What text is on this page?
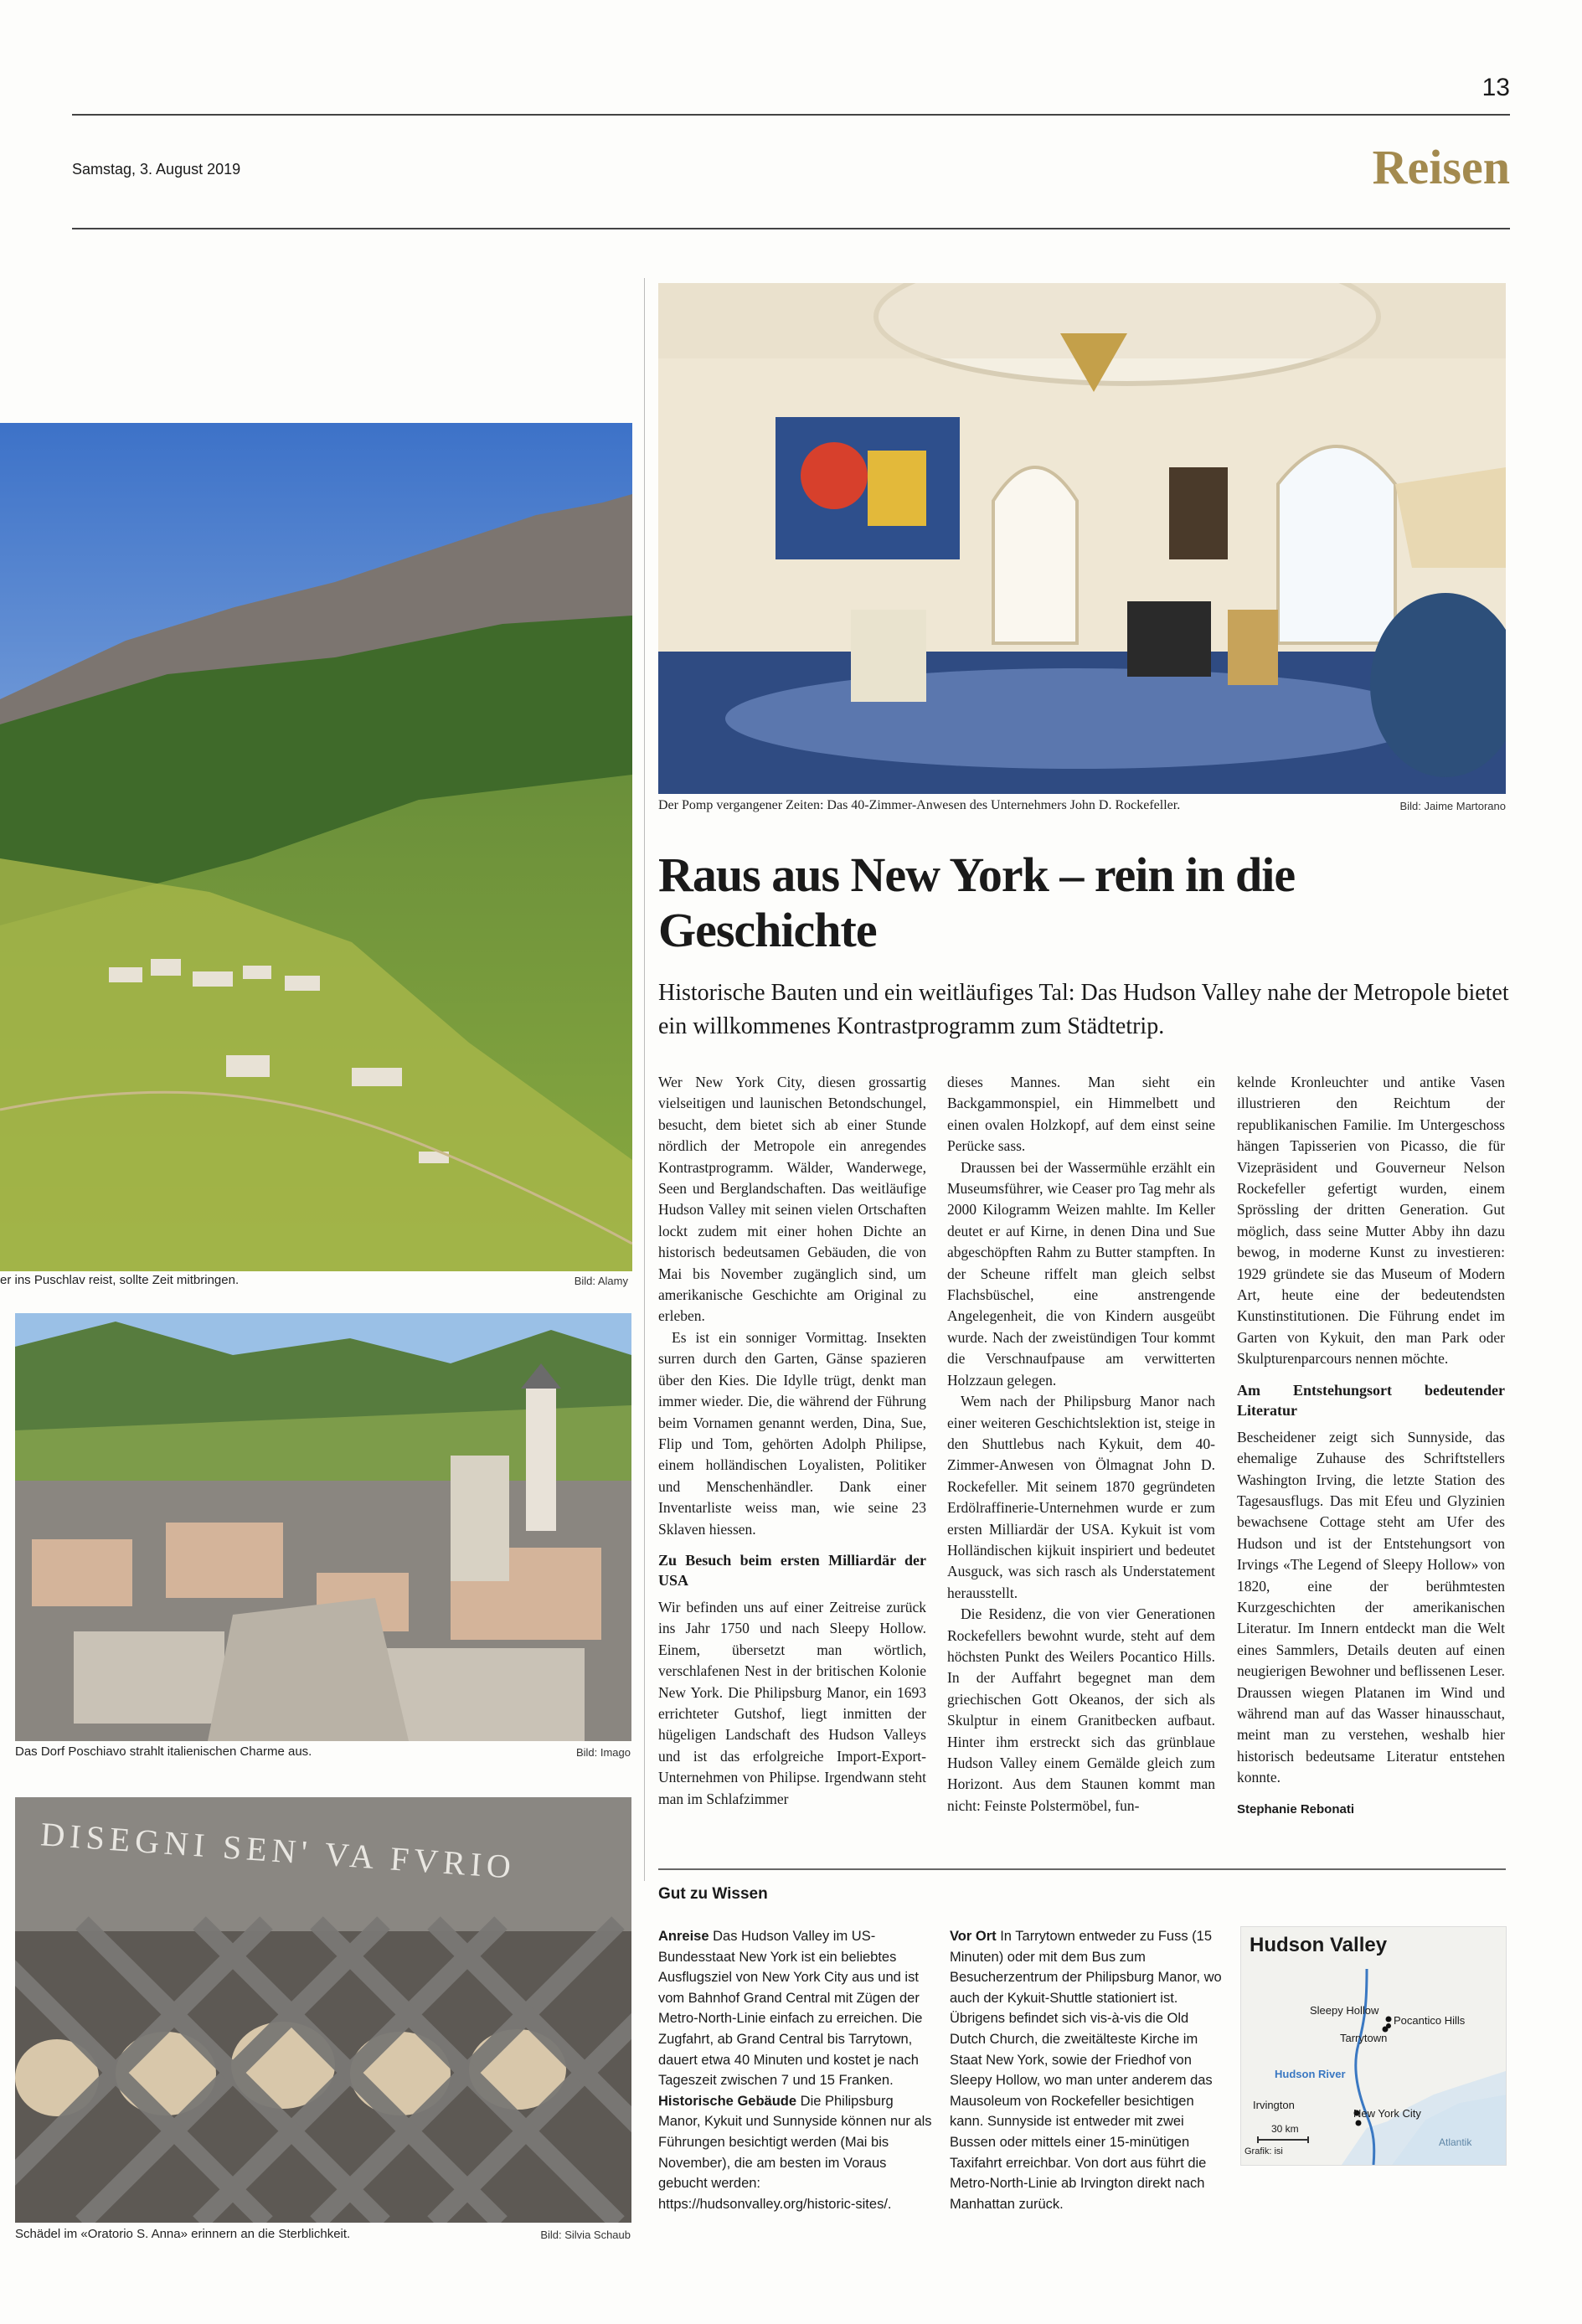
13
Samstag, 3. August 2019	Reisen
er ins Puschlav reist, sollte Zeit mitbringen.	Bild: Alamy
Das Dorf Poschiavo strahlt italienischen Charme aus.	Bild: Imago
DISEGNI SEN' VA FVRIO
Schädel im «Oratorio S. Anna» erinnern an die Sterblichkeit.	Bild: Silvia Schaub
Der Pomp vergangener Zeiten: Das 40-Zimmer-Anwesen des Unternehmers John D. Rockefeller.	Bild: Jaime Martorano
Raus aus New York – rein in die Geschichte
Historische Bauten und ein weitläufiges Tal: Das Hudson Valley nahe der Metropole bietet ein willkommenes Kontrastprogramm zum Städtetrip.

Wer New York City, diesen grossartig vielseitigen und launischen Betondschungel, besucht, dem bietet sich ab einer Stunde nördlich der Metropole ein anregendes Kontrastprogramm. Wälder, Wanderwege, Seen und Berglandschaften. Das weitläufige Hudson Valley mit seinen vielen Ortschaften lockt zudem mit einer hohen Dichte an historisch bedeutsamen Gebäuden, die von Mai bis November zugänglich sind, um amerikanische Geschichte am Original zu erleben.

Es ist ein sonniger Vormittag. Insekten surren durch den Garten, Gänse spazieren über den Kies. Die Idylle trügt, denkt man immer wieder. Die, die während der Führung beim Vornamen genannt werden, Dina, Sue, Flip und Tom, gehörten Adolph Philipse, einem holländischen Loyalisten, Politiker und Menschenhändler. Dank einer Inventarliste weiss man, wie seine 23 Sklaven hiessen.

Zu Besuch beim ersten Milliardär der USA

Wir befinden uns auf einer Zeitreise zurück ins Jahr 1750 und nach Sleepy Hollow. Einem, übersetzt man wörtlich, verschlafenen Nest in der britischen Kolonie New York. Die Philipsburg Manor, ein 1693 errichteter Gutshof, liegt inmitten der hügeligen Landschaft des Hudson Valleys und ist das erfolgreiche Import-Export-Unternehmen von Philipse. Irgendwann steht man im Schlafzimmer

dieses Mannes. Man sieht ein Backgammonspiel, ein Himmelbett und einen ovalen Holzkopf, auf dem einst seine Perücke sass.

Draussen bei der Wassermühle erzählt ein Museumsführer, wie Ceaser pro Tag mehr als 2000 Kilogramm Weizen mahlte. Im Keller deutet er auf Kirne, in denen Dina und Sue abgeschöpften Rahm zu Butter stampften. In der Scheune riffelt man gleich selbst Flachsbüschel, eine anstrengende Angelegenheit, die von Kindern ausgeübt wurde. Nach der zweistündigen Tour kommt die Verschnaufpause am verwitterten Holzzaun gelegen.

Wem nach der Philipsburg Manor nach einer weiteren Geschichtslektion ist, steige in den Shuttlebus nach Kykuit, dem 40-Zimmer-Anwesen von Ölmagnat John D. Rockefeller. Mit seinem 1870 gegründeten Erdölraffinerie-Unternehmen wurde er zum ersten Milliardär der USA. Kykuit ist vom Holländischen kijkuit inspiriert und bedeutet Ausguck, was sich rasch als Understatement herausstellt.

Die Residenz, die von vier Generationen Rockefellers bewohnt wurde, steht auf dem höchsten Punkt des Weilers Pocantico Hills. In der Auffahrt begegnet man dem griechischen Gott Okeanos, der sich als Skulptur in einem Granitbecken aufbaut. Hinter ihm erstreckt sich das grünblaue Hudson Valley einem Gemälde gleich zum Horizont. Aus dem Staunen kommt man nicht: Feinste Polstermöbel, fun-

kelnde Kronleuchter und antike Vasen illustrieren den Reichtum der republikanischen Familie. Im Untergeschoss hängen Tapisserien von Picasso, die für Vizepräsident und Gouverneur Nelson Rockefeller gefertigt wurden, einem Sprössling der dritten Generation. Gut möglich, dass seine Mutter Abby ihn dazu bewog, in moderne Kunst zu investieren: 1929 gründete sie das Museum of Modern Art, heute eine der bedeutendsten Kunstinstitutionen. Die Führung endet im Garten von Kykuit, den man Park oder Skulpturenparcours nennen möchte.

Am Entstehungsort bedeutender Literatur

Bescheidener zeigt sich Sunnyside, das ehemalige Zuhause des Schriftstellers Washington Irving, die letzte Station des Tagesausflugs. Das mit Efeu und Glyzinien bewachsene Cottage steht am Ufer des Hudson und ist der Entstehungsort von Irvings «The Legend of Sleepy Hollow» von 1820, eine der berühmtesten Kurzgeschichten der amerikanischen Literatur. Im Innern entdeckt man die Welt eines Sammlers, Details deuten auf einen neugierigen Bewohner und beflissenen Leser. Draussen wiegen Platanen im Wind und während man auf das Wasser hinausschaut, meint man zu verstehen, weshalb hier historisch bedeutsame Literatur entstehen konnte.

Stephanie Rebonati
Gut zu Wissen

Anreise Das Hudson Valley im US-Bundesstaat New York ist ein beliebtes Ausflugsziel von New York City aus und ist vom Bahnhof Grand Central mit Zügen der Metro-North-Linie einfach zu erreichen. Die Zugfahrt, ab Grand Central bis Tarrytown, dauert etwa 40 Minuten und kostet je nach Tageszeit zwischen 7 und 15 Franken.

Historische Gebäude Die Philipsburg Manor, Kykuit und Sunnyside können nur als Führungen besichtigt werden (Mai bis November), die am besten im Voraus gebucht werden: https://hudsonvalley.org/historic-sites/.

Vor Ort In Tarrytown entweder zu Fuss (15 Minuten) oder mit dem Bus zum Besucherzentrum der Philipsburg Manor, wo auch der Kykuit-Shuttle stationiert ist. Übrigens befindet sich vis-à-vis die Old Dutch Church, die zweitälteste Kirche im Staat New York, sowie der Friedhof von Sleepy Hollow, wo man unter anderem das Mausoleum von Rockefeller besichtigen kann. Sunnyside ist entweder mit zwei Bussen oder mittels einer 15-minütigen Taxifahrt erreichbar. Von dort aus führt die Metro-North-Linie ab Irvington direkt nach Manhattan zurück.

Hudson Valley
Sleepy Hollow
Pocantico Hills
Tarrytown
Hudson River
Irvington
New York City
30 km
Grafik: isi
Atlantik
